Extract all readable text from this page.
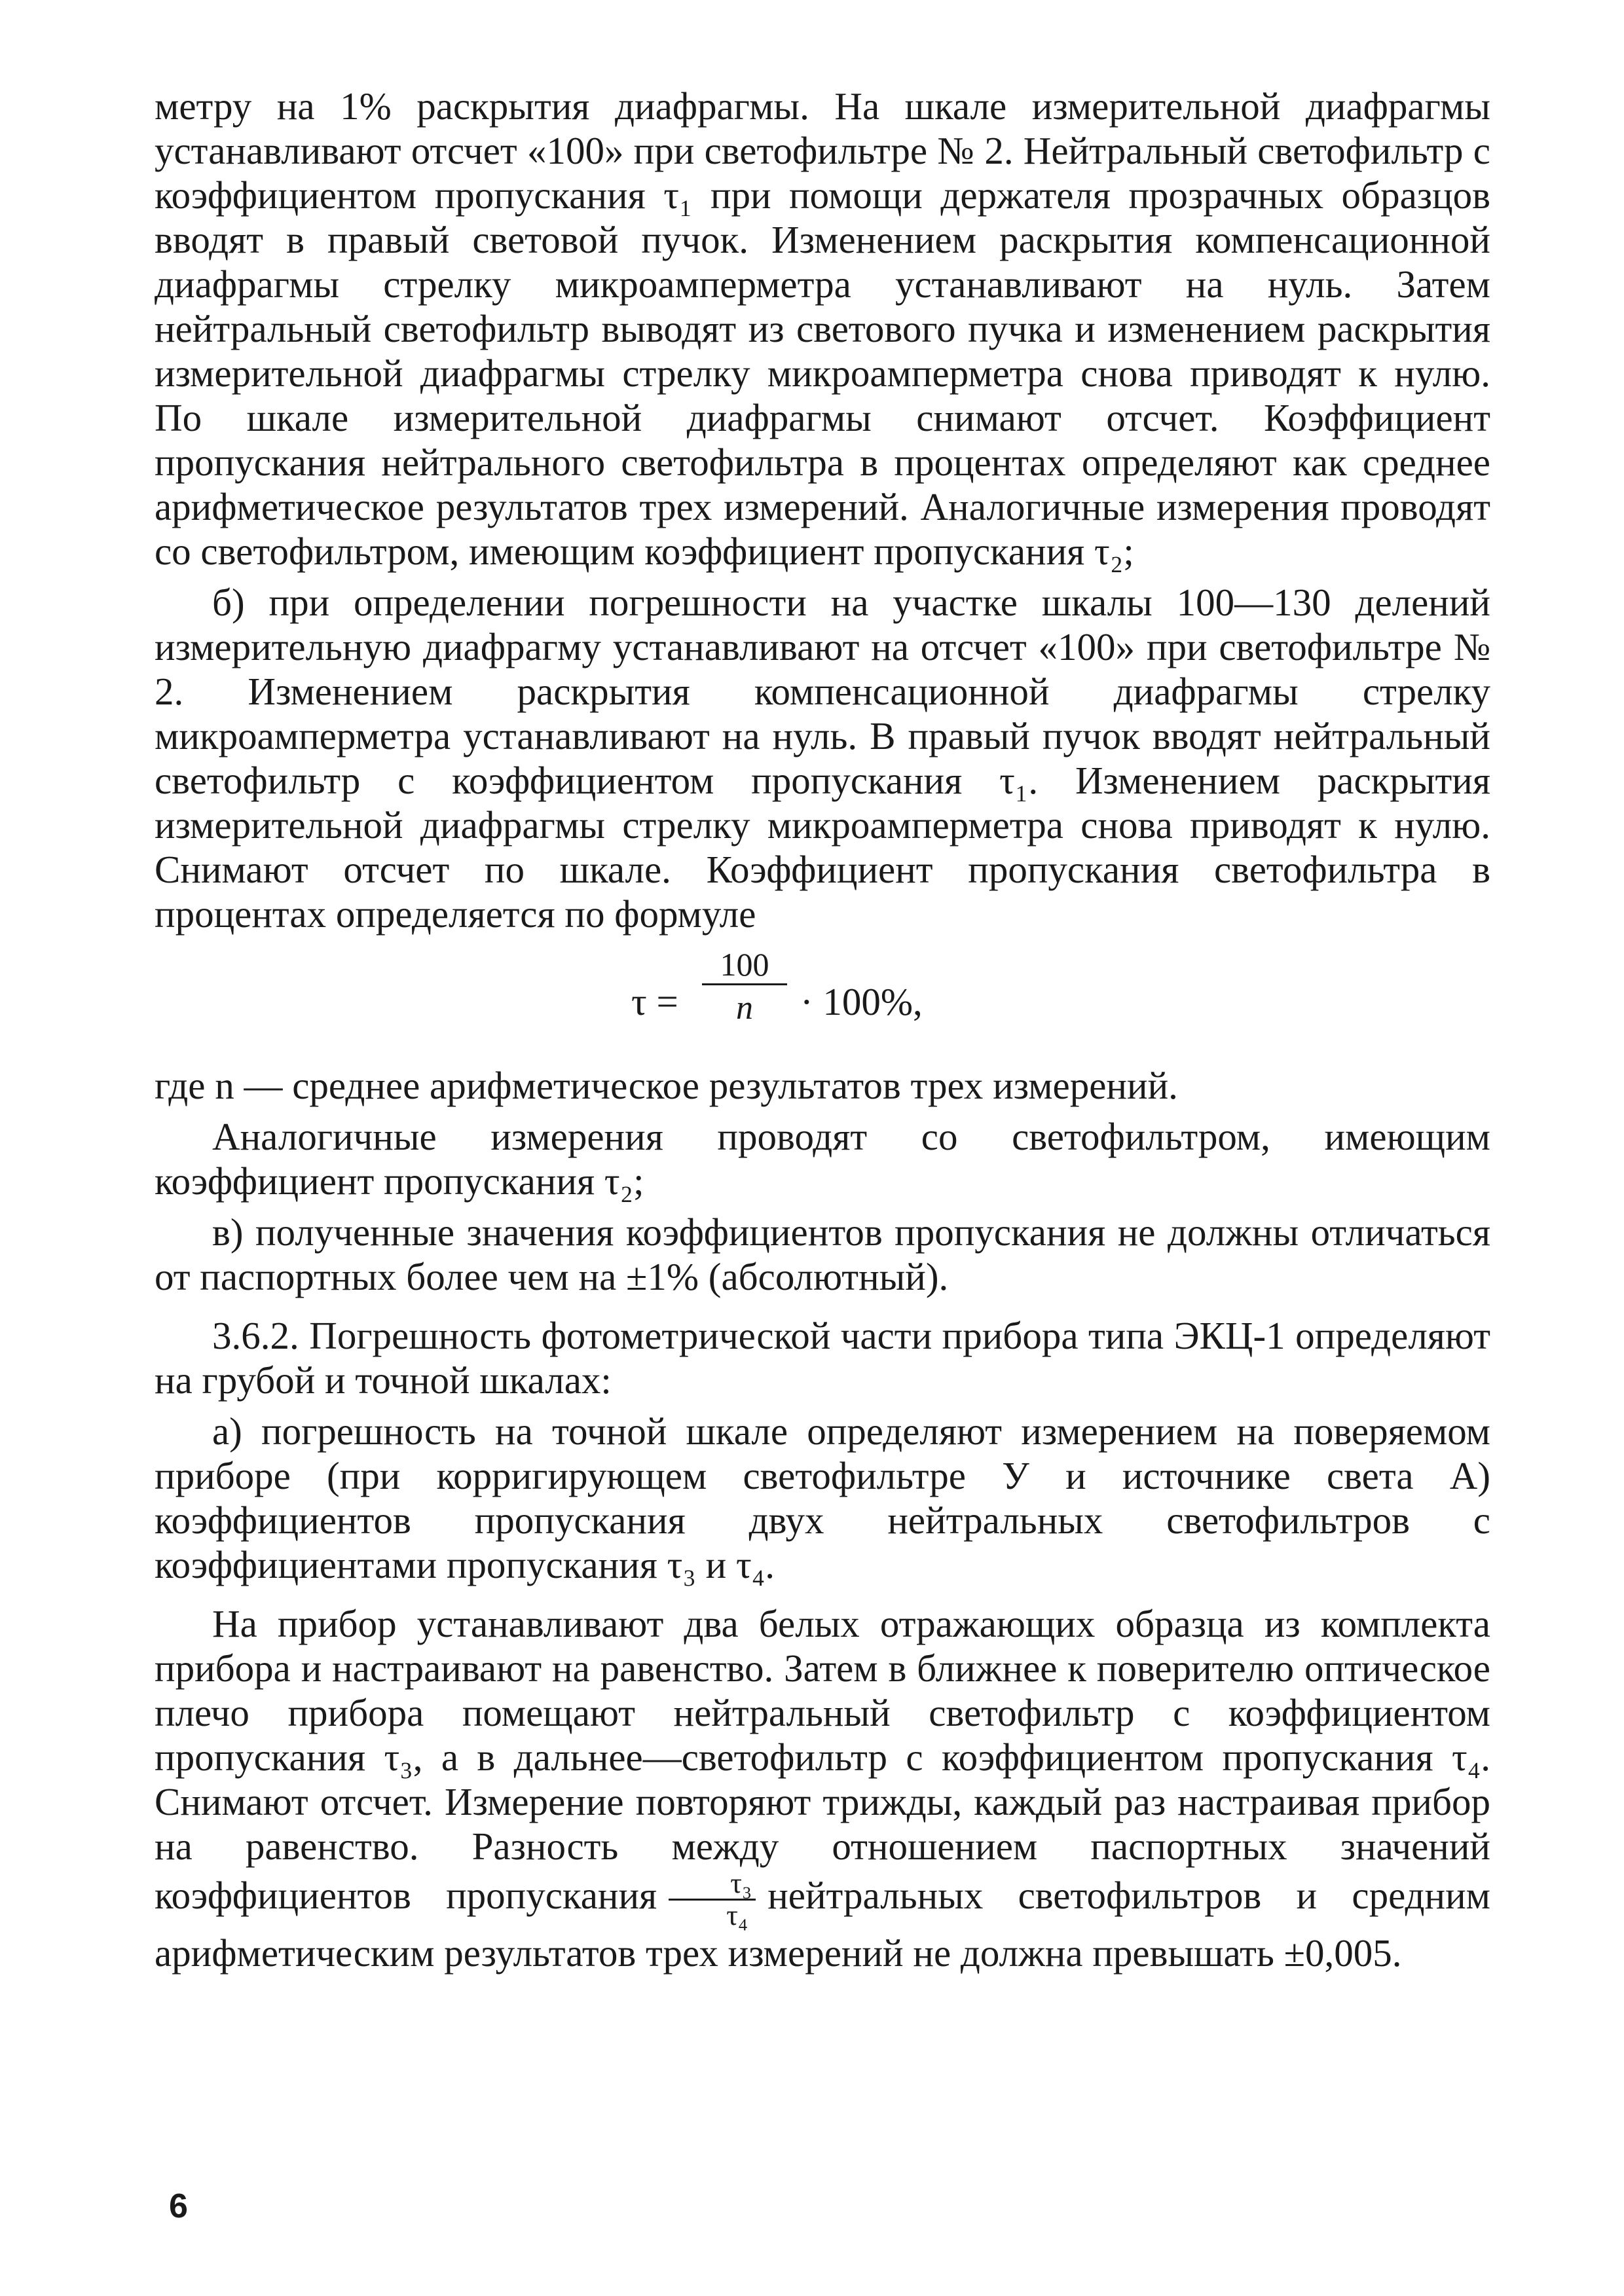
метру на 1% раскрытия диафрагмы. На шкале измерительной диафрагмы устанавливают отсчет «100» при светофильтре № 2. Нейтральный светофильтр с коэффициентом пропускания τ₁ при помощи держателя прозрачных образцов вводят в правый световой пучок. Изменением раскрытия компенсационной диафрагмы стрелку микроамперметра устанавливают на нуль. Затем нейтральный светофильтр выводят из светового пучка и изменением раскрытия измерительной диафрагмы стрелку микроамперметра снова приводят к нулю. По шкале измерительной диафрагмы снимают отсчет. Коэффициент пропускания нейтрального светофильтра в процентах определяют как среднее арифметическое результатов трех измерений. Аналогичные измерения проводят со светофильтром, имеющим коэффициент пропускания τ₂;

б) при определении погрешности на участке шкалы 100—130 делений измерительную диафрагму устанавливают на отсчет «100» при светофильтре № 2. Изменением раскрытия компенсационной диафрагмы стрелку микроамперметра устанавливают на нуль. В правый пучок вводят нейтральный светофильтр с коэффициентом пропускания τ₁. Изменением раскрытия измерительной диафрагмы стрелку микроамперметра снова приводят к нулю. Снимают отсчет по шкале. Коэффициент пропускания светофильтра в процентах определяется по формуле

$\tau = \frac{100}{n} \cdot 100\%$,

где n — среднее арифметическое результатов трех измерений.

Аналогичные измерения проводят со светофильтром, имеющим коэффициент пропускания τ₂;

в) полученные значения коэффициентов пропускания не должны отличаться от паспортных более чем на ±1% (абсолютный).

3.6.2. Погрешность фотометрической части прибора типа ЭКЦ-1 определяют на грубой и точной шкалах:

а) погрешность на точной шкале определяют измерением на поверяемом приборе (при корригирующем светофильтре У и источнике света А) коэффициентов пропускания двух нейтральных светофильтров с коэффициентами пропускания τ₃ и τ₄.

На прибор устанавливают два белых отражающих образца из комплекта прибора и настраивают на равенство. Затем в ближнее к поверителю оптическое плечо прибора помещают нейтральный светофильтр с коэффициентом пропускания τ₃, а в дальнее—светофильтр с коэффициентом пропускания τ₄. Снимают отсчет. Измерение повторяют трижды, каждый раз настраивая прибор на равенство. Разность между отношением паспортных значений коэффициентов пропускания $\frac{\text{τ₃}}{\text{τ₄}}$ нейтральных светофильтров и средним арифметическим результатов трех измерений не должна превышать ±0,005.

6
